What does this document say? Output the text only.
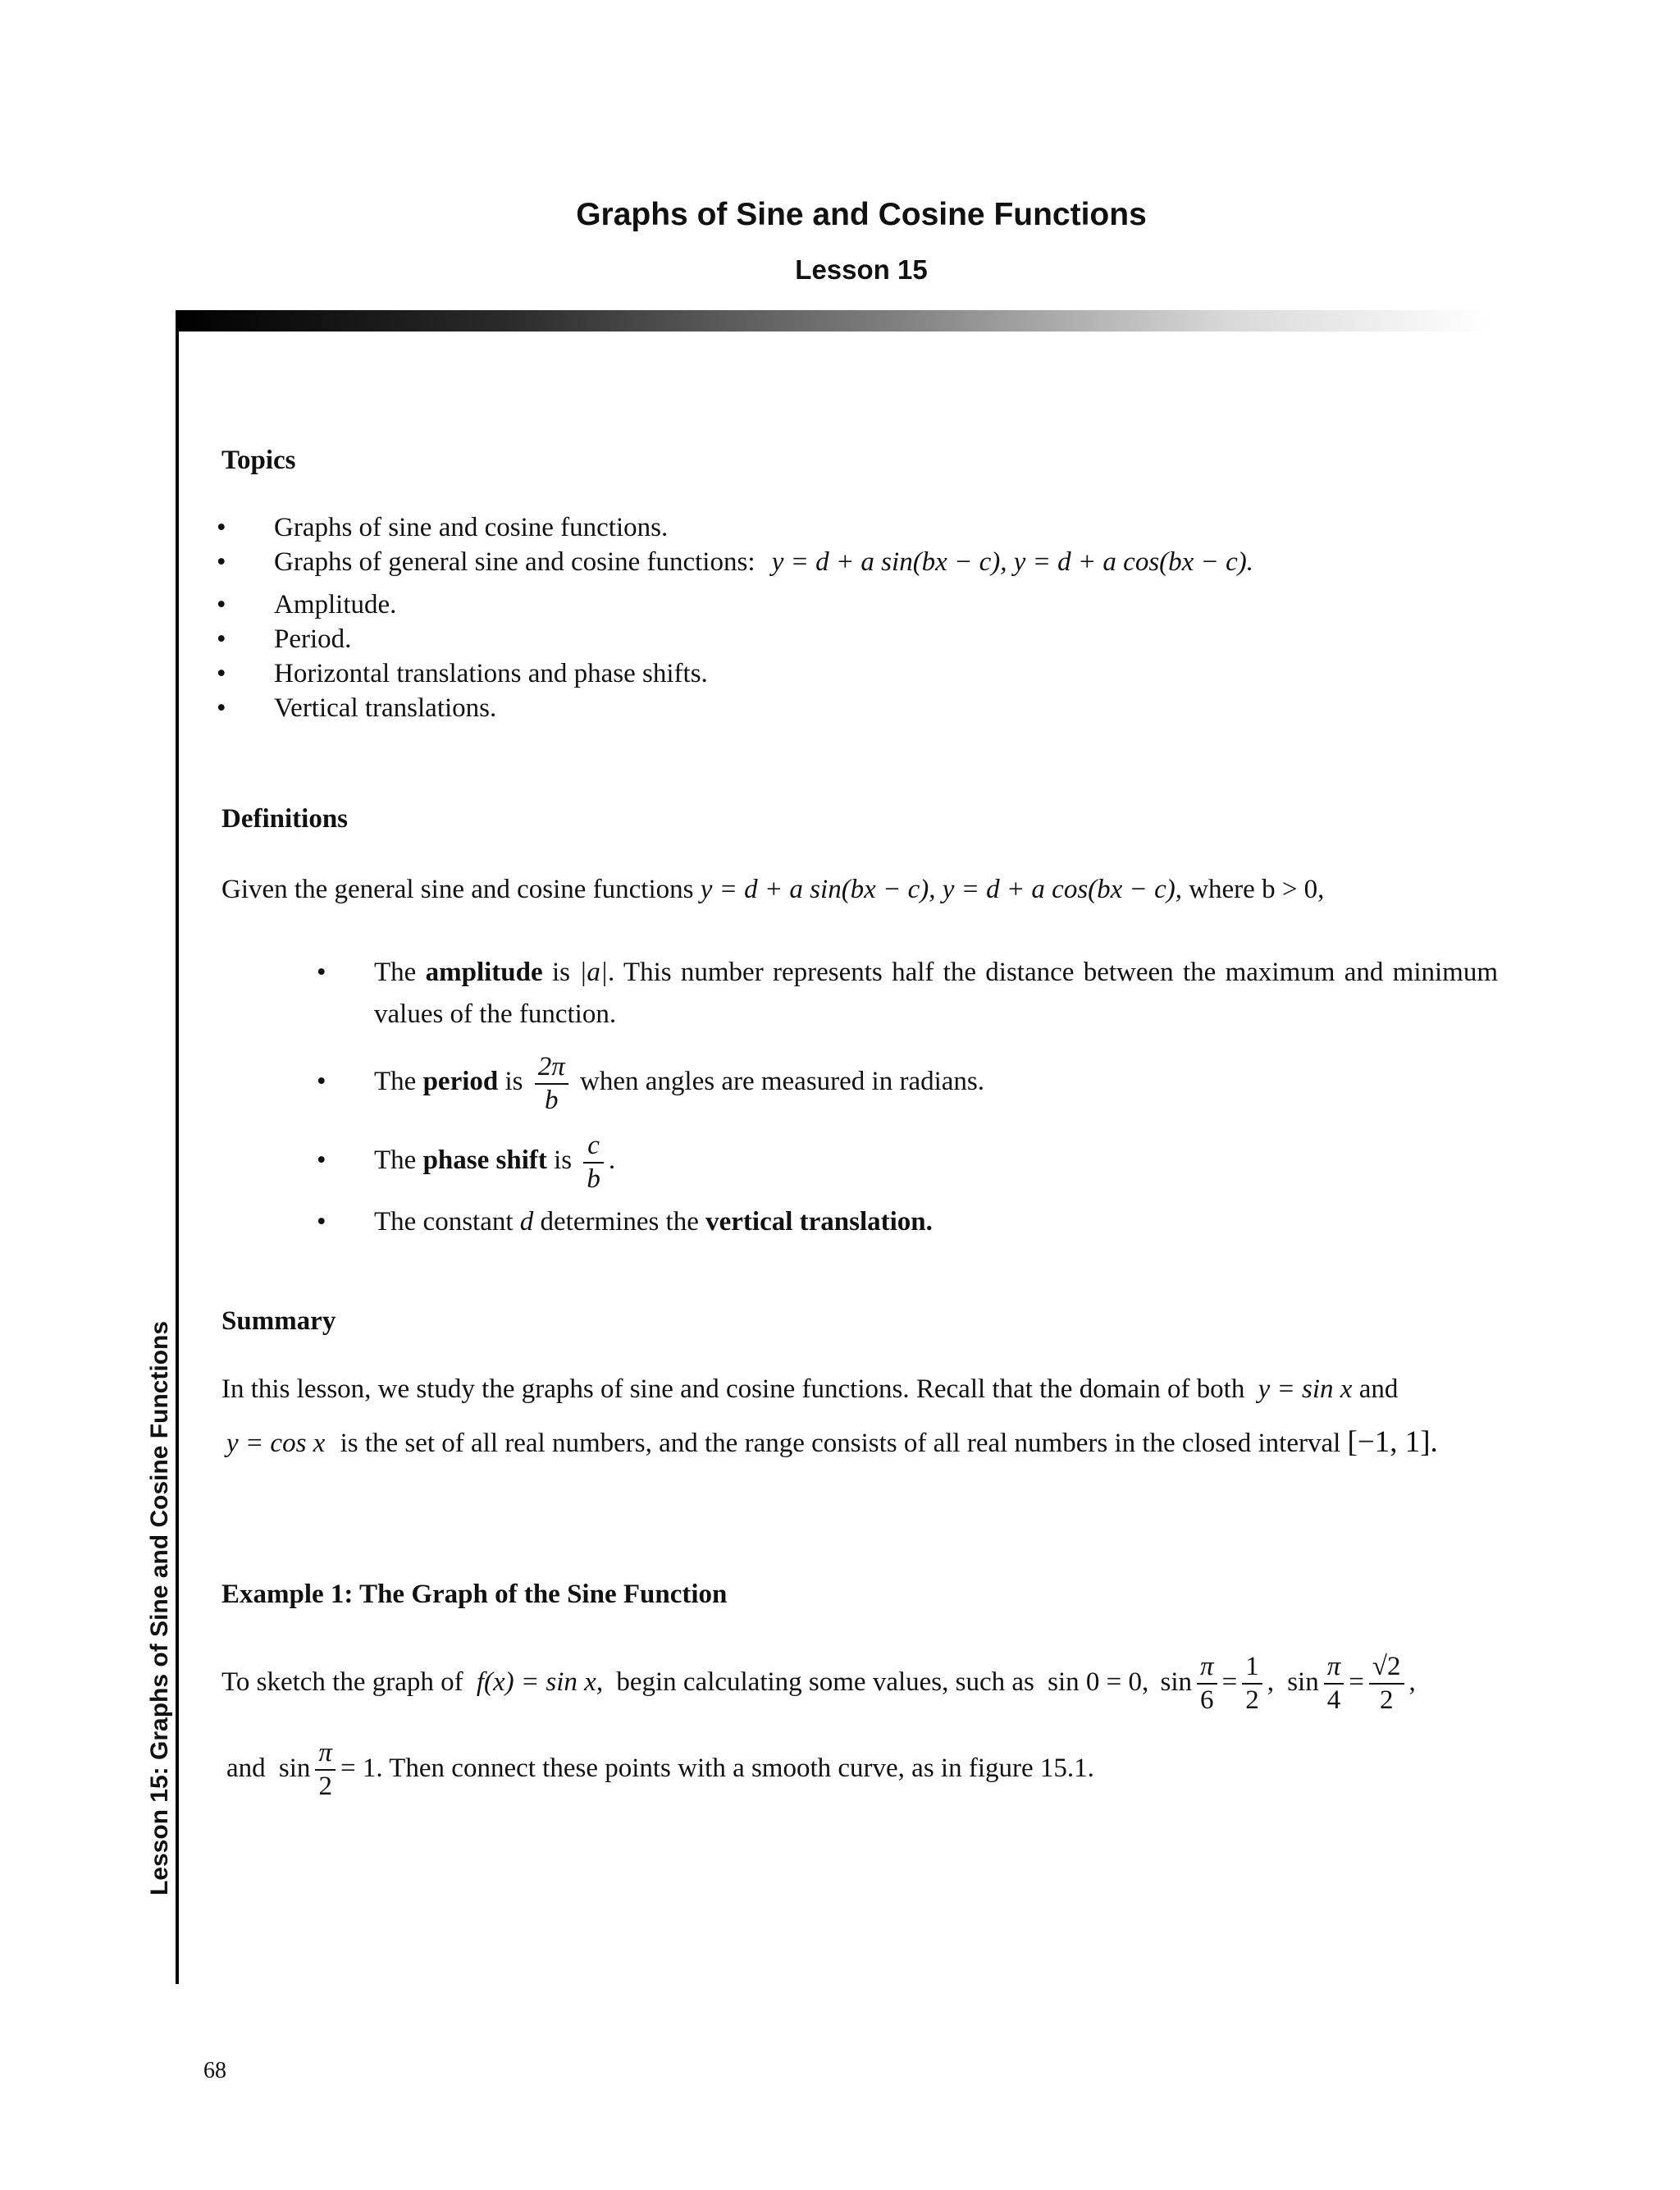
Graphs of Sine and Cosine Functions
Lesson 15
Lesson 15: Graphs of Sine and Cosine Functions
Topics
• Graphs of sine and cosine functions.
• Graphs of general sine and cosine functions: y = d + a sin(bx − c), y = d + a cos(bx − c).
• Amplitude.
• Period.
• Horizontal translations and phase shifts.
• Vertical translations.
Definitions
Given the general sine and cosine functions y = d + a sin(bx − c), y = d + a cos(bx − c), where b > 0,
• The amplitude is |a|. This number represents half the distance between the maximum and minimum values of the function.
• The period is $\frac{2\pi}{b}$ when angles are measured in radians.
• The phase shift is $\frac{c}{b}$ .
• The constant d determines the vertical translation.
Summary
In this lesson, we study the graphs of sine and cosine functions. Recall that the domain of both y = sin x and
y = cos x is the set of all real numbers, and the range consists of all real numbers in the closed interval [−1, 1].
Example 1: The Graph of the Sine Function
To sketch the graph of f(x) = sin x, begin calculating some values, such as sin 0 = 0, $\sin \frac{\pi}{6} = \frac{1}{2}$ , $\sin \frac{\pi}{4} = \frac{√2}{2}$ ,
and $\sin \frac{\pi}{2} = 1$. Then connect these points with a smooth curve, as in figure 15.1.
68
